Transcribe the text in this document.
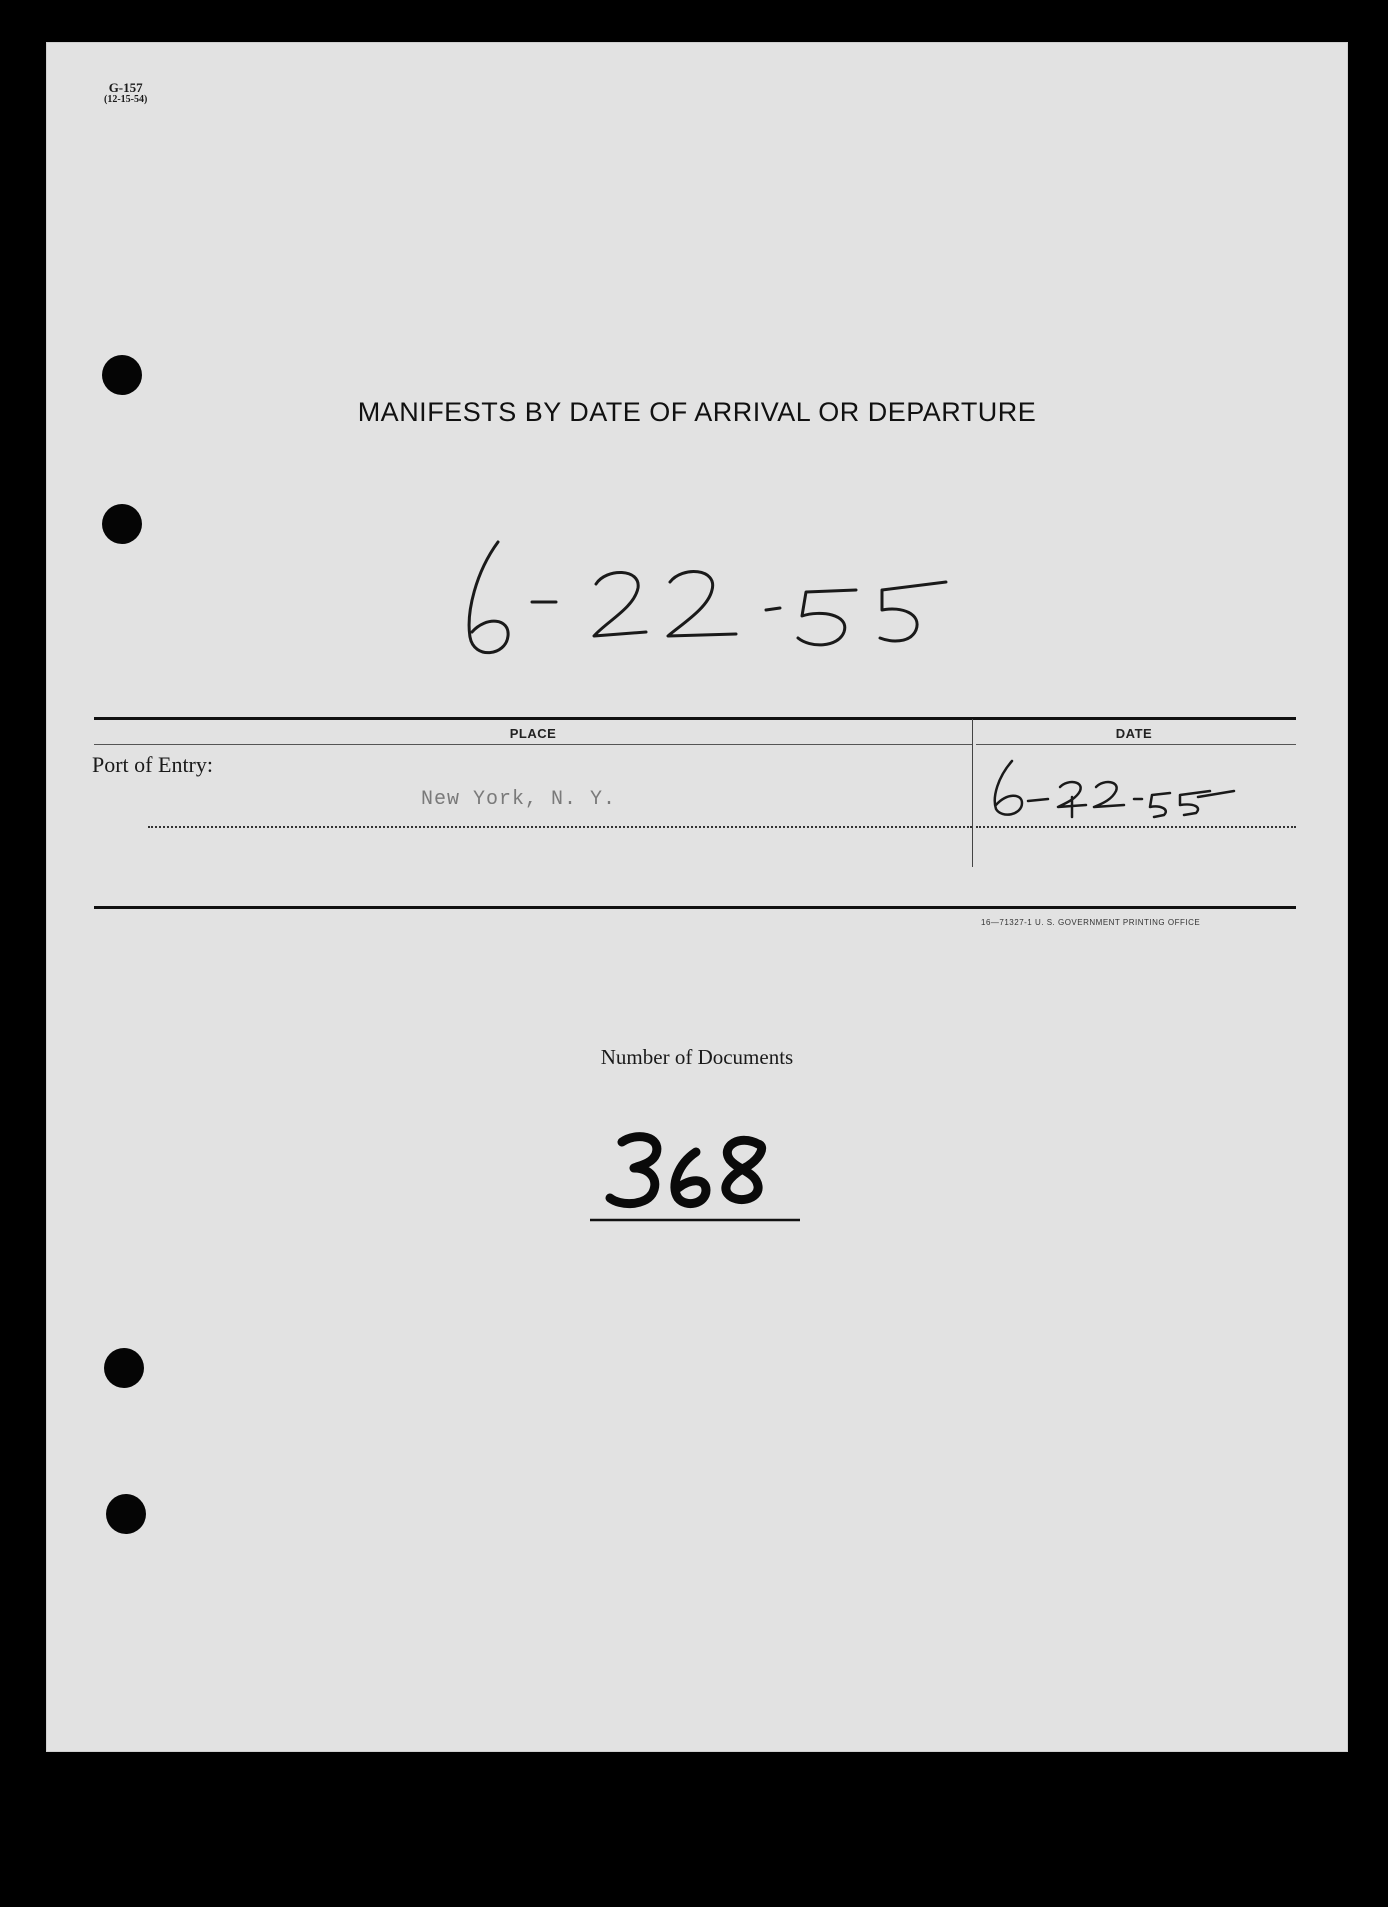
G-157
(12-15-54)
MANIFESTS BY DATE OF ARRIVAL OR DEPARTURE
6-22-55
PLACE	DATE
Port of Entry:
New York, N. Y.
6-22-55
16—71327-1 U. S. GOVERNMENT PRINTING OFFICE
Number of Documents
368
